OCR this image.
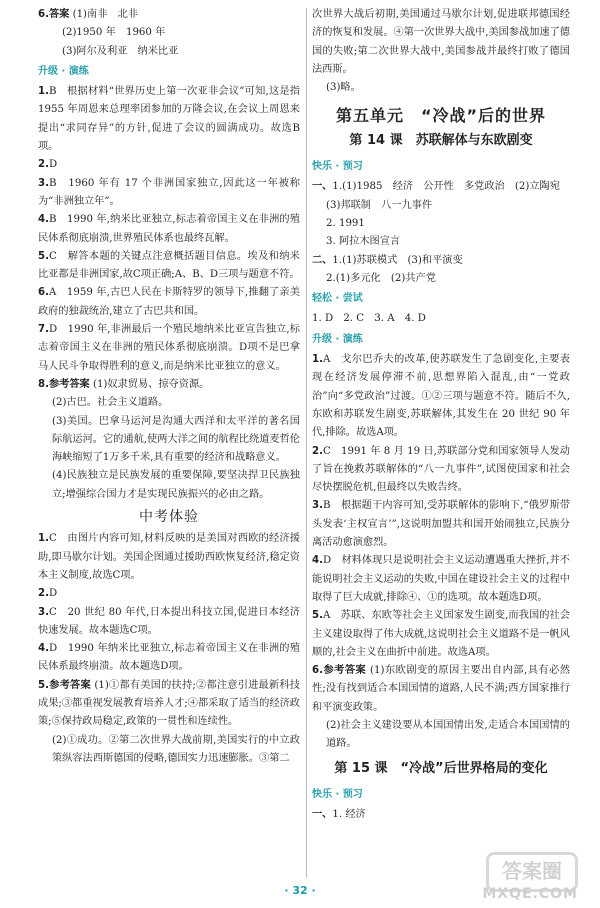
6.答案 (1)南非　北非

(2)1950 年　1960 年

(3)阿尔及利亚　纳米比亚

升级 · 演练

1.B　根据材料“世界历史上第一次亚非会议”可知,这是指1955 年周恩来总理率团参加的万隆会议,在会议上周恩来提出“求同存异”的方针,促进了会议的圆满成功。故选B项。

2.D

3.B　1960 年有 17 个非洲国家独立,因此这一年被称为“非洲独立年”。

4.B　1990 年,纳米比亚独立,标志着帝国主义在非洲的殖民体系彻底崩溃,世界殖民体系也最终瓦解。

5.C　解答本题的关键点注意概括题目信息。埃及和纳米比亚都是非洲国家,故C项正确;A、B、D三项与题意不符。

6.A　1959 年,古巴人民在卡斯特罗的领导下,推翻了亲美政府的独裁统治,建立了古巴共和国。

7.D　1990 年,非洲最后一个殖民地纳米比亚宣告独立,标志着帝国主义在非洲的殖民体系彻底崩溃。D项不是巴拿马人民斗争取得胜利的意义,而是纳米比亚独立的意义。

8.参考答案 (1)奴隶贸易、掠夺资源。

(2)古巴。社会主义道路。

(3)美国。巴拿马运河是沟通大西洋和太平洋的著名国际航运河。它的通航,使两大洋之间的航程比绕道麦哲伦海峡缩短了1万多千米,具有重要的经济和战略意义。

(4)民族独立是民族发展的重要保障,要坚决捍卫民族独立;增强综合国力才是实现民族振兴的必由之路。

中考体验

1.C　由图片内容可知,材料反映的是美国对西欧的经济援助,即马歇尔计划。美国企图通过援助西欧恢复经济,稳定资本主义制度,故选C项。

2.D

3.C　20 世纪 80 年代,日本提出科技立国,促进日本经济快速发展。故本题选C项。

4.D　1990 年纳米比亚独立,标志着帝国主义在非洲的殖民体系最终崩溃。故本题选D项。

5.参考答案 (1)①都有美国的扶持;②都注意引进最新科技成果;③都重视发展教育培养人才;④都采取了适当的经济政策;⑤保持政局稳定,政策的一贯性和连续性。

(2)①成功。②第二次世界大战前期,美国实行的中立政策纵容法西斯德国的侵略,德国实力迅速膨胀。③第二

次世界大战后初期,美国通过马歇尔计划,促进联邦德国经济的恢复和发展。④第一次世界大战中,美国参战加速了德国的失败;第二次世界大战中,美国参战并最终打败了德国法西斯。

(3)略。

第五单元　“冷战”后的世界
第 14 课　苏联解体与东欧剧变
快乐 · 预习

一、1.(1)1985　经济　公开性　多党政治　(2)立陶宛

(3)邦联制　八一九事件

2. 1991

3. 阿拉木图宣言

二、1.(1)苏联模式　(3)和平演变

2.(1)多元化　(2)共产党

轻松 · 尝试

1. D　2. C　3. A　4. D

升级 · 演练

1.A　戈尔巴乔夫的改革,使苏联发生了急剧变化,主要表现在经济发展停滞不前,思想界陷入混乱,由“一党政治”向“多党政治”过渡。①②三项与题意不符。随后不久,东欧和苏联发生剧变,苏联解体,其发生在 20 世纪 90 年代,排除。故选A项。

2.C　1991 年 8 月 19 日,苏联部分党和国家领导人发动了旨在挽救苏联解体的“八一九事件”,试图使国家和社会尽快摆脱危机,但最终以失败告终。

3.B　根据题干内容可知,受苏联解体的影响下,“俄罗斯带头发表‘主权宣言’”,这说明加盟共和国开始闹独立,民族分离活动愈演愈烈。

4.D　材料体现只是说明社会主义运动遭遇重大挫折,并不能说明社会主义运动的失败,中国在建设社会主义的过程中取得了巨大成就,排除④、①的选项。故本题选D项。

5.A　苏联、东欧等社会主义国家发生剧变,而我国的社会主义建设取得了伟大成就,这说明社会主义道路不是一帆风顺的,社会主义在曲折中前进。故选A项。

6.参考答案 (1)东欧剧变的原因主要出自内部,具有必然性;没有找到适合本国国情的道路,人民不满;西方国家推行和平演变政策。

(2)社会主义建设要从本国国情出发,走适合本国国情的道路。

第 15 课　“冷战”后世界格局的变化
快乐 · 预习

一、1. 经济

· 32 ·
答案圈
MXQE.COM
